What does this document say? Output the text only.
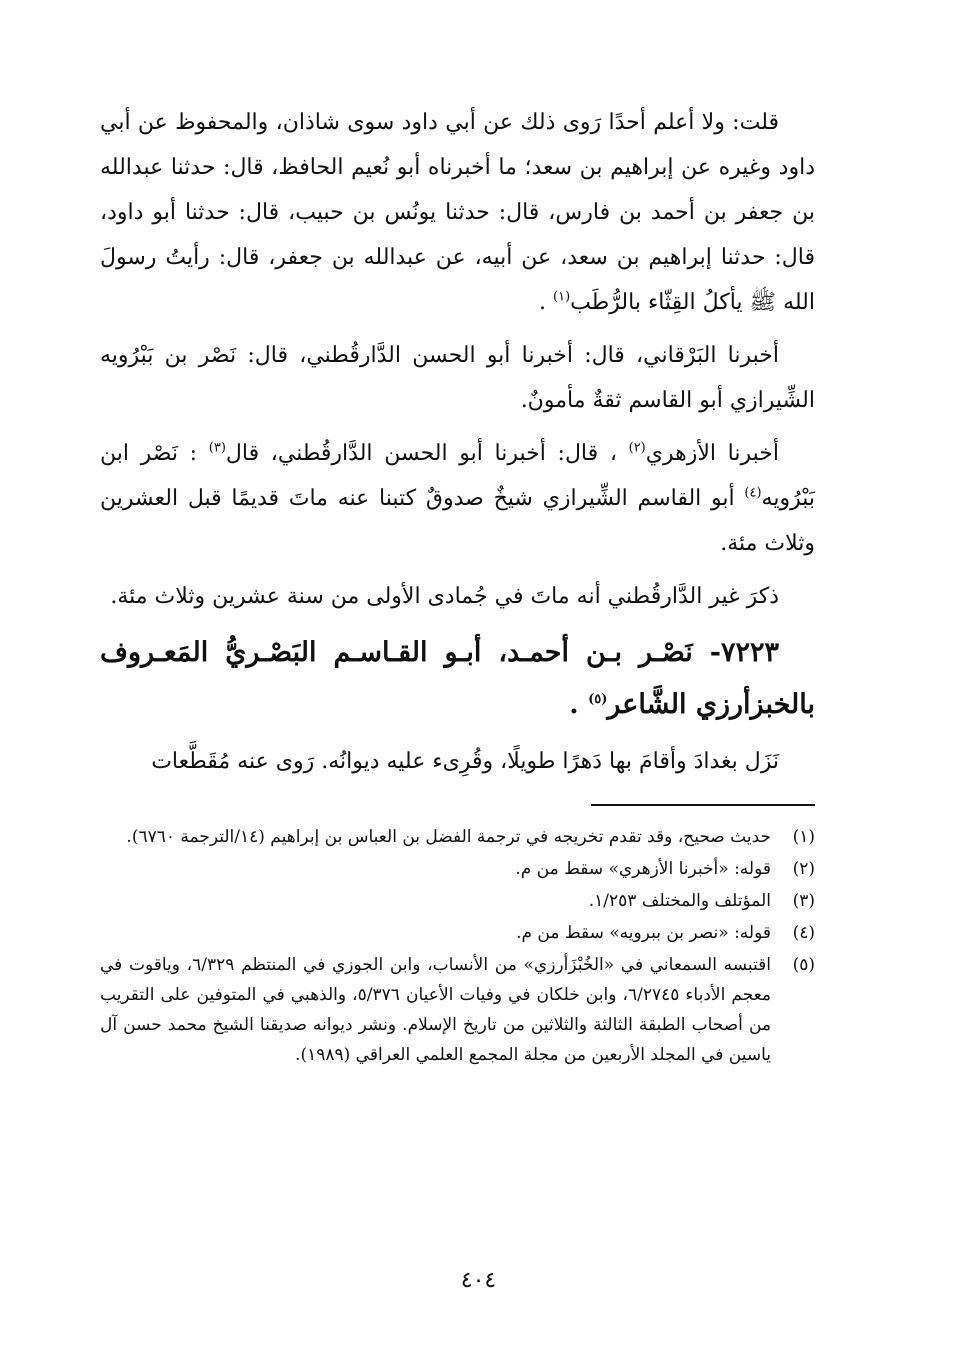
قلت: ولا أعلم أحدًا رَوى ذلك عن أبي داود سوى شاذان، والمحفوظ عن أبي داود وغيره عن إبراهيم بن سعد؛ ما أخبرناه أبو نُعيم الحافظ، قال: حدثنا عبدالله بن جعفر بن أحمد بن فارس، قال: حدثنا يونُس بن حبيب، قال: حدثنا أبو داود، قال: حدثنا إبراهيم بن سعد، عن أبيه، عن عبدالله بن جعفر، قال: رأيتُ رسولَ الله ﷺ يأكلُ القِثّاء بالرُّطَب$^{(١)}$ .

أخبرنا البَرْقاني، قال: أخبرنا أبو الحسن الدَّارقُطني، قال: نَصْر بن بَبْرُويه الشِّيرازي أبو القاسم ثقةٌ مأمونٌ.

أخبرنا الأزهري$^{(٢)}$ ، قال: أخبرنا أبو الحسن الدَّارقُطني، قال$^{(٣)}$ : نَصْر ابن بَبْرُويه$^{(٤)}$ أبو القاسم الشِّيرازي شيخٌ صدوقٌ كتبنا عنه ماتَ قديمًا قبل العشرين وثلاث مئة.

ذكرَ غير الدَّارقُطني أنه ماتَ في جُمادى الأولى من سنة عشرين وثلاث مئة.

٧٢٢٣- نَصْـر بـن أحمـد، أبـو القـاسـم البَصْـريُّ المَعـروف بالخبزأرزي الشَّاعر$^{(٥)}$ .

نَزَل بغدادَ وأقامَ بها دَهرًا طويلًا، وقُرِىء عليه ديوانُه. رَوى عنه مُقَطَّعات

(١)
حديث صحيح، وقد تقدم تخريجه في ترجمة الفضل بن العباس بن إبراهيم (١٤/الترجمة ٦٧٦٠).
(٢)
قوله: «أخبرنا الأزهري» سقط من م.
(٣)
المؤتلف والمختلف ١/٢٥٣.
(٤)
قوله: «نصر بن ببرويه» سقط من م.
(٥)
اقتبسه السمعاني في «الخُبْزَأرزي» من الأنساب، وابن الجوزي في المنتظم ٦/٣٢٩، وياقوت في معجم الأدباء ٦/٢٧٤٥، وابن خلكان في وفيات الأعيان ٥/٣٧٦، والذهبي في المتوفين على التقريب من أصحاب الطبقة الثالثة والثلاثين من تاريخ الإسلام. ونشر ديوانه صديقنا الشيخ محمد حسن آل ياسين في المجلد الأربعين من مجلة المجمع العلمي العراقي (١٩٨٩).
٤٠٤
